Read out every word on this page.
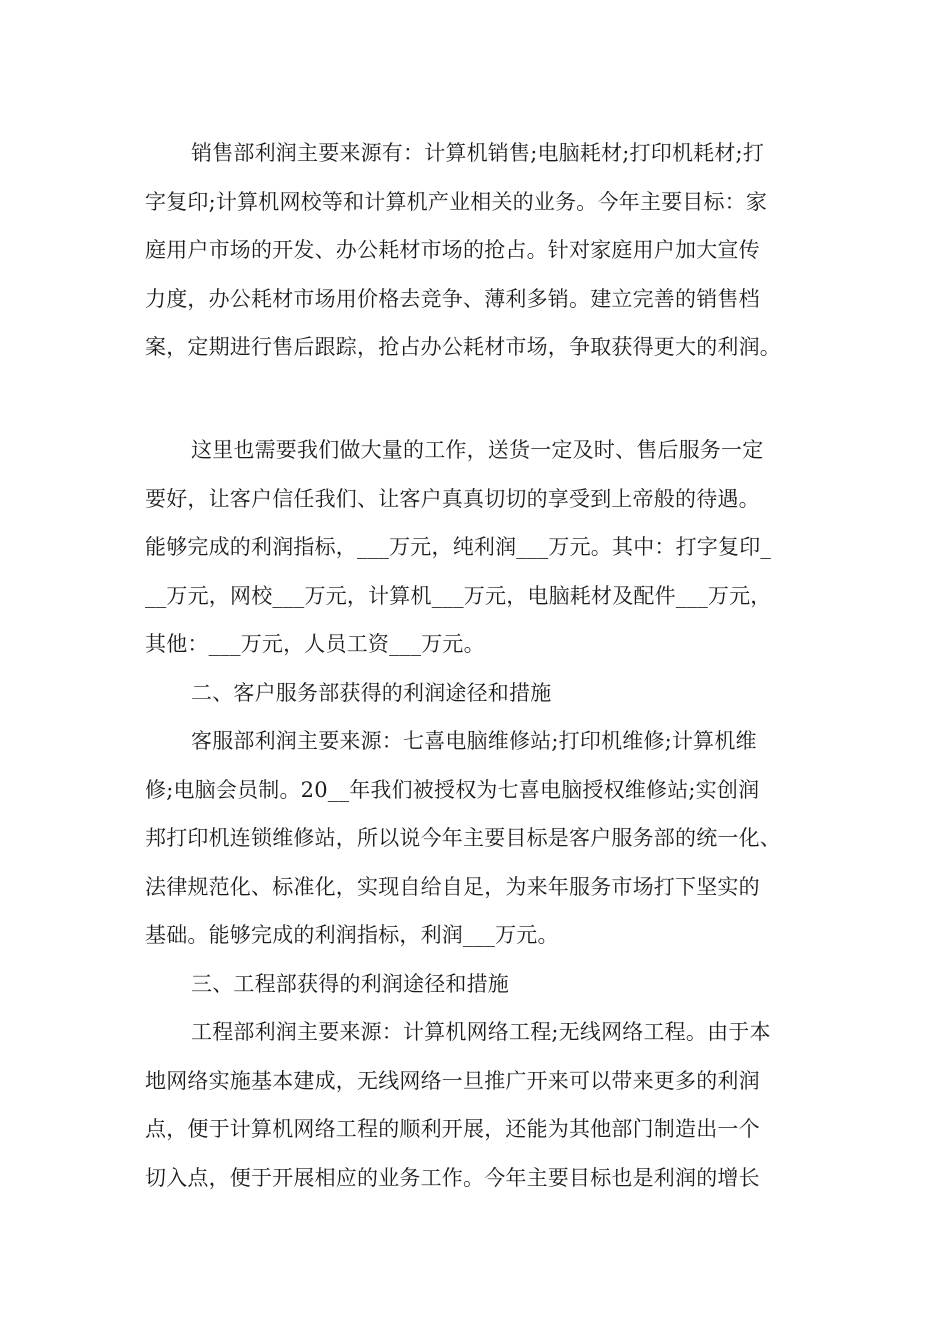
销售部利润主要来源有：计算机销售;电脑耗材;打印机耗材;打
字复印;计算机网校等和计算机产业相关的业务。今年主要目标：家
庭用户市场的开发、办公耗材市场的抢占。针对家庭用户加大宣传
力度，办公耗材市场用价格去竞争、薄利多销。建立完善的销售档
案，定期进行售后跟踪，抢占办公耗材市场，争取获得更大的利润。
这里也需要我们做大量的工作，送货一定及时、售后服务一定
要好，让客户信任我们、让客户真真切切的享受到上帝般的待遇。
能够完成的利润指标，___万元，纯利润___万元。其中：打字复印_
__万元，网校___万元，计算机___万元，电脑耗材及配件___万元，
其他：___万元，人员工资___万元。
二、客户服务部获得的利润途径和措施
客服部利润主要来源：七喜电脑维修站;打印机维修;计算机维
修;电脑会员制。20__年我们被授权为七喜电脑授权维修站;实创润
邦打印机连锁维修站，所以说今年主要目标是客户服务部的统一化、
法律规范化、标准化，实现自给自足，为来年服务市场打下坚实的
基础。能够完成的利润指标，利润___万元。
三、工程部获得的利润途径和措施
工程部利润主要来源：计算机网络工程;无线网络工程。由于本
地网络实施基本建成，无线网络一旦推广开来可以带来更多的利润
点，便于计算机网络工程的顺利开展，还能为其他部门制造出一个
切入点，便于开展相应的业务工作。今年主要目标也是利润的增长
